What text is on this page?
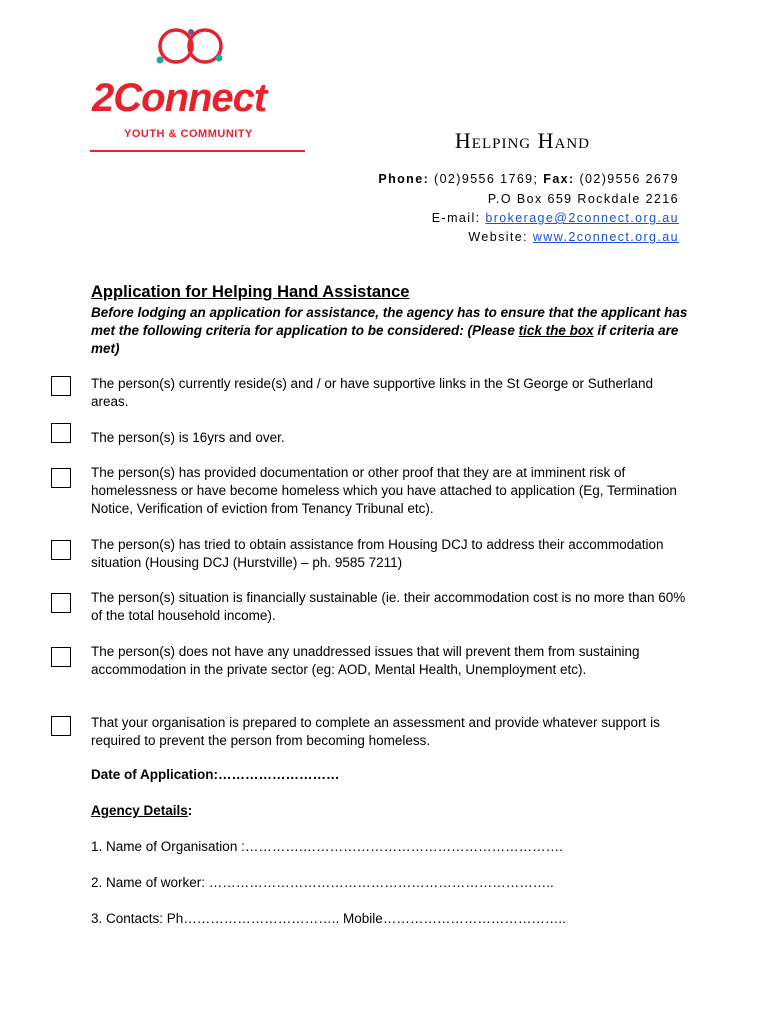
2Connect
YOUTH & COMMUNITY	Helping Hand
Phone: (02)9556 1769; Fax: (02)9556 2679
P.O Box 659 Rockdale 2216
E-mail: brokerage@2connect.org.au
Website: www.2connect.org.au
Application for Helping Hand Assistance
Before lodging an application for assistance, the agency has to ensure that the applicant has met the following criteria for application to be considered: (Please tick the box if criteria are met)
The person(s) currently reside(s) and / or have supportive links in the St George or Sutherland areas.
The person(s) is 16yrs and over.
The person(s) has provided documentation or other proof that they are at imminent risk of homelessness or have become homeless which you have attached to application (Eg, Termination Notice, Verification of eviction from Tenancy Tribunal etc).
The person(s) has tried to obtain assistance from Housing DCJ to address their accommodation situation (Housing DCJ (Hurstville) – ph. 9585 7211)
The person(s) situation is financially sustainable (ie. their accommodation cost is no more than 60% of the total household income).
The person(s) does not have any unaddressed issues that will prevent them from sustaining accommodation in the private sector (eg: AOD, Mental Health, Unemployment etc).
That your organisation is prepared to complete an assessment and provide whatever support is required to prevent the person from becoming homeless.
Date of Application:………………………
Agency Details:
1. Name of Organisation :………….………………………………………………….
2. Name of worker: …………………………………………………………………..
3. Contacts: Ph…………………………….. Mobile…………………………………..
